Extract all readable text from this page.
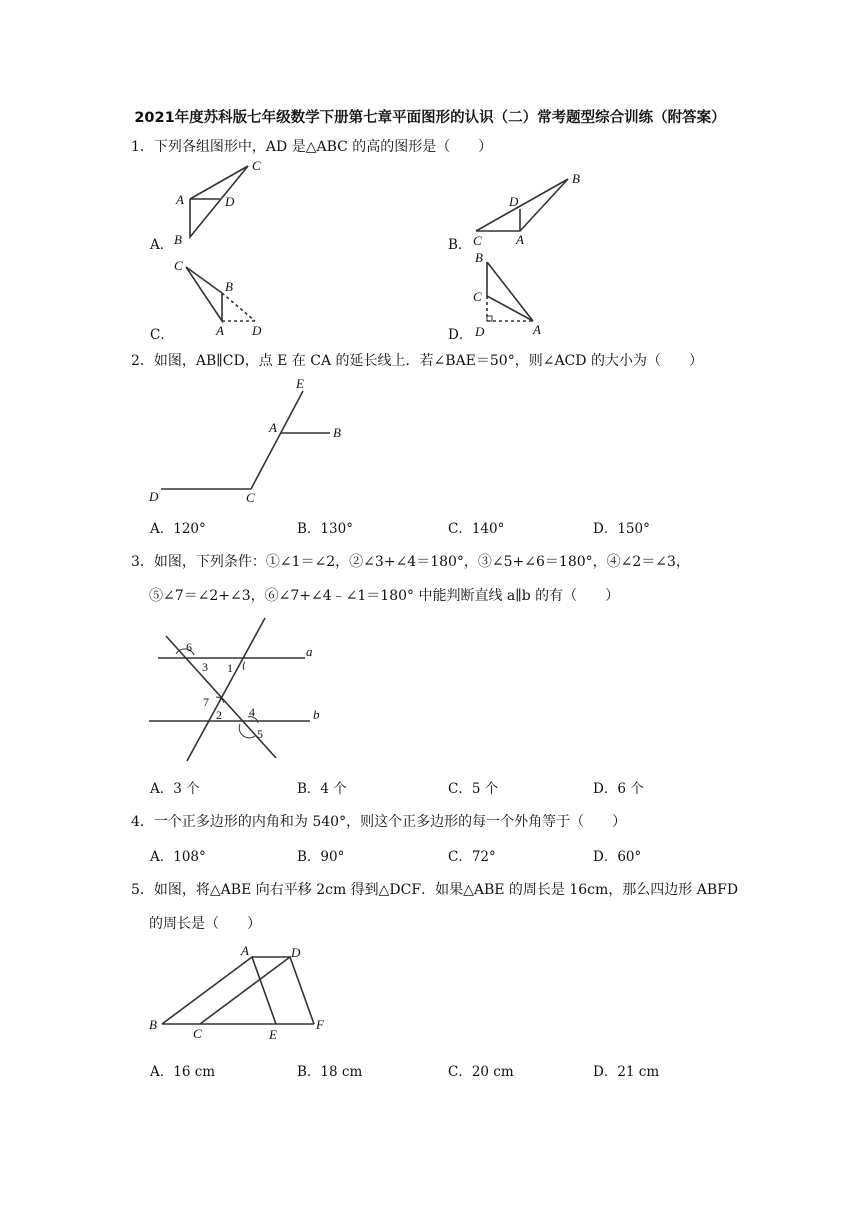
2021年度苏科版七年级数学下册第七章平面图形的认识（二）常考题型综合训练（附答案）
1．下列各组图形中，AD 是△ABC 的高的图形是（　　）
C
A	D
B
A．
B
D
C	A
B．
C
B
A D
C．
B
C
D	A
D．
2．如图，AB∥CD，点 E 在 CA 的延长线上．若∠BAE＝50°，则∠ACD 的大小为（　　）
E
A	B
D	C
A．120°	B．130°	C．140°	D．150°
3．如图，下列条件：①∠1＝∠2，②∠3+∠4＝180°，③∠5+∠6＝180°，④∠2＝∠3，
⑤∠7＝∠2+∠3，⑥∠7+∠4﹣∠1＝180° 中能判断直线 a∥b 的有（　　）
6
3 1
a
7
2 4	b
5
A．3 个	B．4 个	C．5 个	D．6 个
4．一个正多边形的内角和为 540°，则这个正多边形的每一个外角等于（　　）
A．108°	B．90°	C．72°	D．60°
5．如图，将△ABE 向右平移 2cm 得到△DCF．如果△ABE 的周长是 16cm，那么四边形 ABFD
的周长是（　　）
A	D
B
C	E
F
A．16 cm	B．18 cm	C．20 cm	D．21 cm
